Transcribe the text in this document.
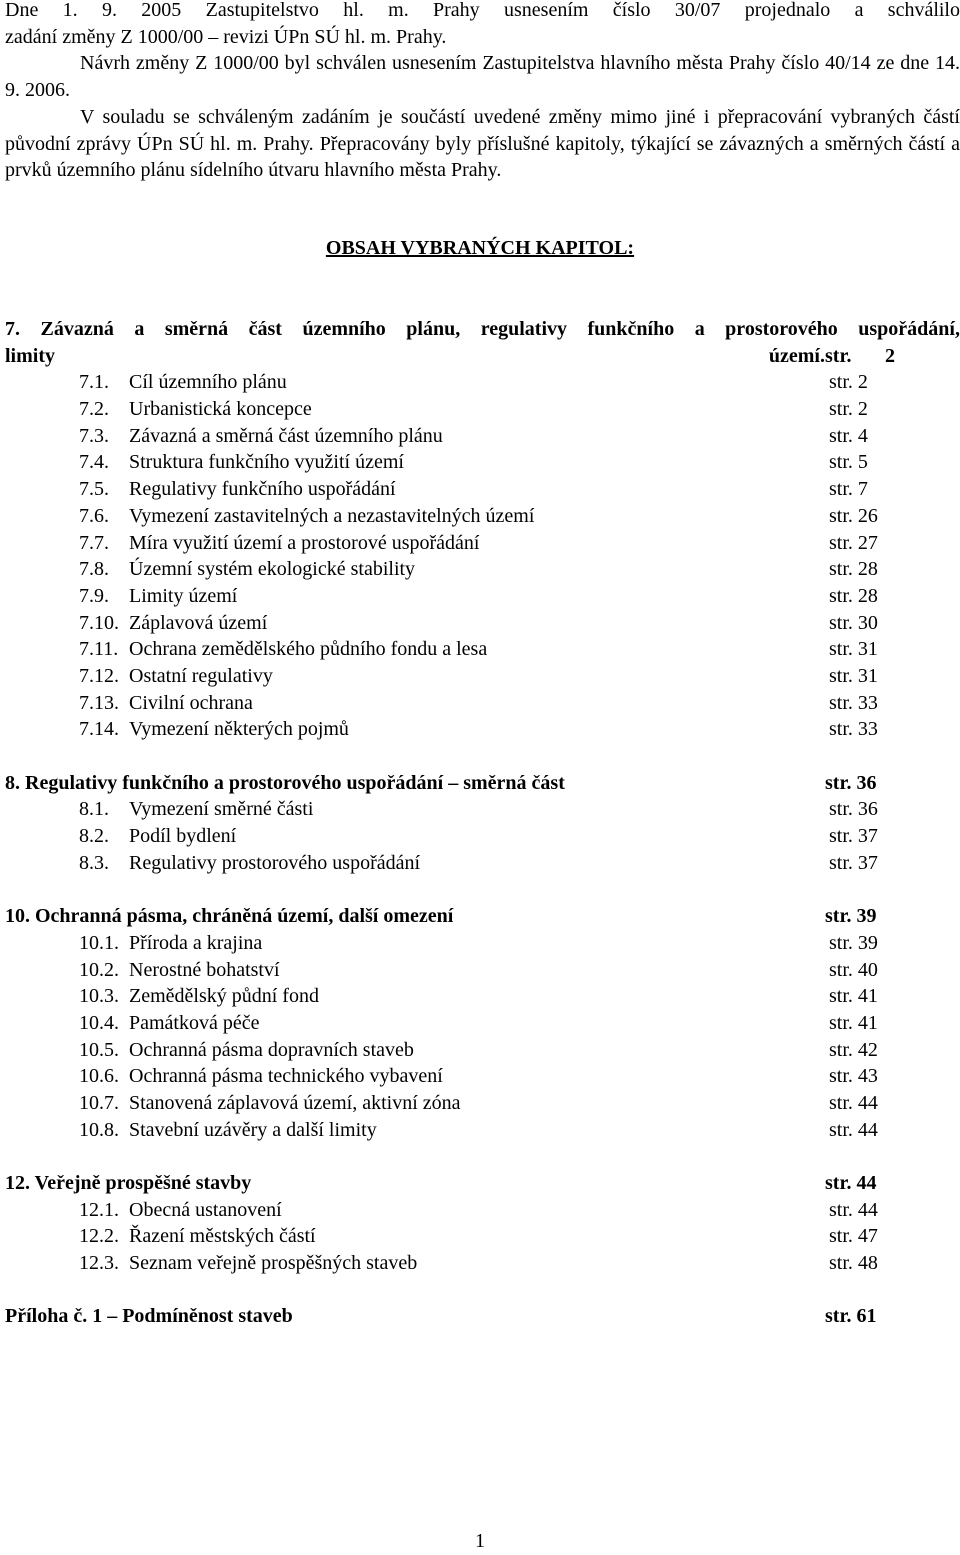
Dne 1. 9. 2005 Zastupitelstvo hl. m. Prahy usnesením číslo 30/07 projednalo a schválilo

zadání změny Z 1000/00 – revizi ÚPn SÚ hl. m. Prahy.

Návrh změny Z 1000/00 byl schválen usnesením Zastupitelstva hlavního města Prahy číslo 40/14 ze dne 14. 9. 2006.

V souladu se schváleným zadáním je součástí uvedené změny mimo jiné i přepracování vybraných částí původní zprávy ÚPn SÚ hl. m. Prahy. Přepracovány byly příslušné kapitoly, týkající se závazných a směrných částí a prvků územního plánu sídelního útvaru hlavního města Prahy.

OBSAH VYBRANÝCH KAPITOL:

7. Závazná a směrná část územního plánu, regulativy funkčního a prostorového uspořádání,
limity území. str. 2

7.1.	Cíl územního plánu	str. 2
7.2.	Urbanistická koncepce	str. 2
7.3.	Závazná a směrná část územního plánu	str. 4
7.4.	Struktura funkčního využití území	str. 5
7.5.	Regulativy funkčního uspořádání	str. 7
7.6.	Vymezení zastavitelných a nezastavitelných území	str. 26
7.7.	Míra využití území a prostorové uspořádání	str. 27
7.8.	Územní systém ekologické stability	str. 28
7.9.	Limity území	str. 28
7.10. Záplavová území	str. 30
7.11. Ochrana zemědělského půdního fondu a lesa	str. 31
7.12. Ostatní regulativy	str. 31
7.13. Civilní ochrana	str. 33
7.14. Vymezení některých pojmů	str. 33
8. Regulativy funkčního a prostorového uspořádání – směrná část	str. 36
8.1.	Vymezení směrné části	str. 36
8.2.	Podíl bydlení	str. 37
8.3.	Regulativy prostorového uspořádání	str. 37
10. Ochranná pásma, chráněná území, další omezení	str. 39
10.1. Příroda a krajina	str. 39
10.2. Nerostné bohatství	str. 40
10.3. Zemědělský půdní fond	str. 41
10.4. Památková péče	str. 41
10.5. Ochranná pásma dopravních staveb	str. 42
10.6. Ochranná pásma technického vybavení	str. 43
10.7. Stanovená záplavová území, aktivní zóna	str. 44
10.8. Stavební uzávěry a další limity	str. 44
12. Veřejně prospěšné stavby	str. 44
12.1. Obecná ustanovení	str. 44
12.2. Řazení městských částí	str. 47
12.3. Seznam veřejně prospěšných staveb	str. 48
Příloha č. 1 – Podmíněnost staveb	str. 61
1
